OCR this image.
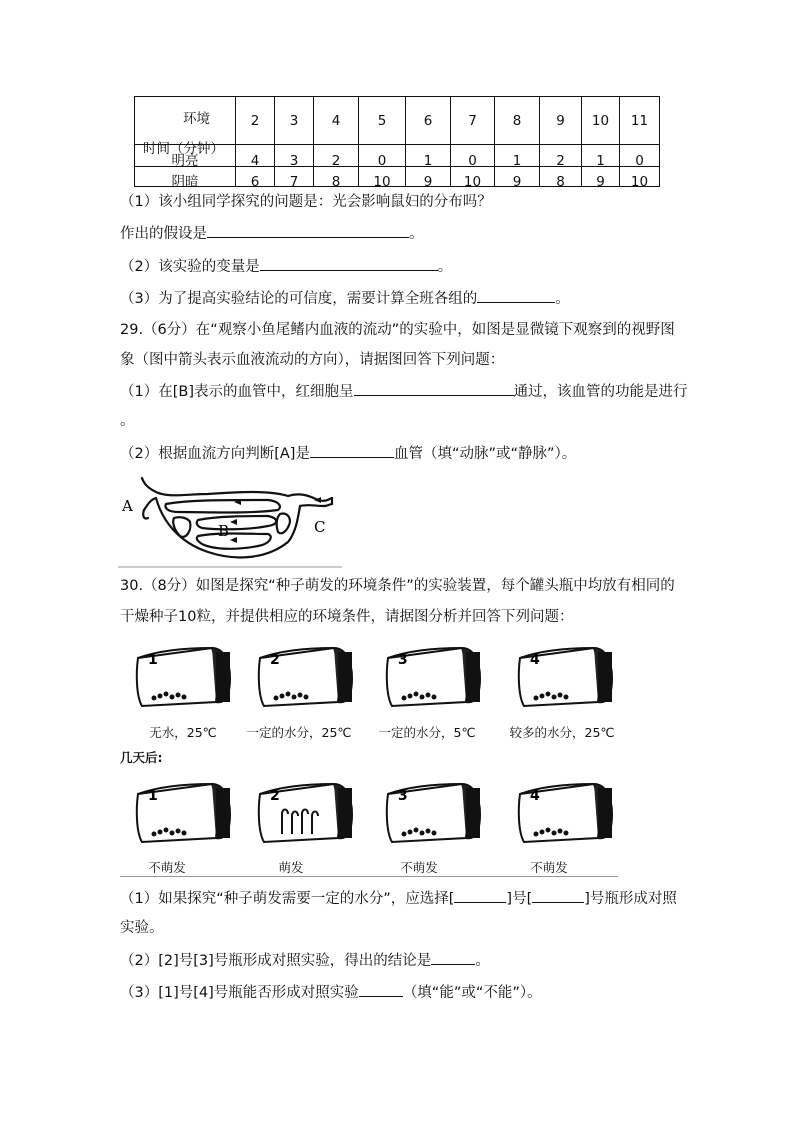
环境
时间（分钟）	2	3	4	5	6	7	8	9	10	11

明亮	4	3	2	0	1	0	1	2	1	0

阴暗	6	7	8	10	9	10	9	8	9	10
（1）该小组同学探究的问题是：光会影响鼠妇的分布吗？
作出的假设是	。
（2）该实验的变量是	。
（3）为了提高实验结论的可信度，需要计算全班各组的	。
29.（6分）在“观察小鱼尾鳍内血液的流动”的实验中，如图是显微镜下观察到的视野图
象（图中箭头表示血液流动的方向），请据图回答下列问题：
（1）在[B]表示的血管中，红细胞呈	通过，该血管的功能是进行
。
（2）根据血流方向判断[A]是	血管（填“动脉”或“静脉”）。
A
B	C
30.（8分）如图是探究“种子萌发的环境条件”的实验装置，每个罐头瓶中均放有相同的
干燥种子10粒，并提供相应的环境条件，请据图分析并回答下列问题：
1	2	3	4
无水，25℃	一定的水分，25℃	一定的水分，5℃	较多的水分，25℃
几天后:
1	2	3	4
不萌发	萌发	不萌发	不萌发
（1）如果探究“种子萌发需要一定的水分”，应选择[	]号[	]号瓶形成对照
实验。
（2）[2]号[3]号瓶形成对照实验，得出的结论是	。
（3）[1]号[4]号瓶能否形成对照实验	（填“能”或“不能”）。
